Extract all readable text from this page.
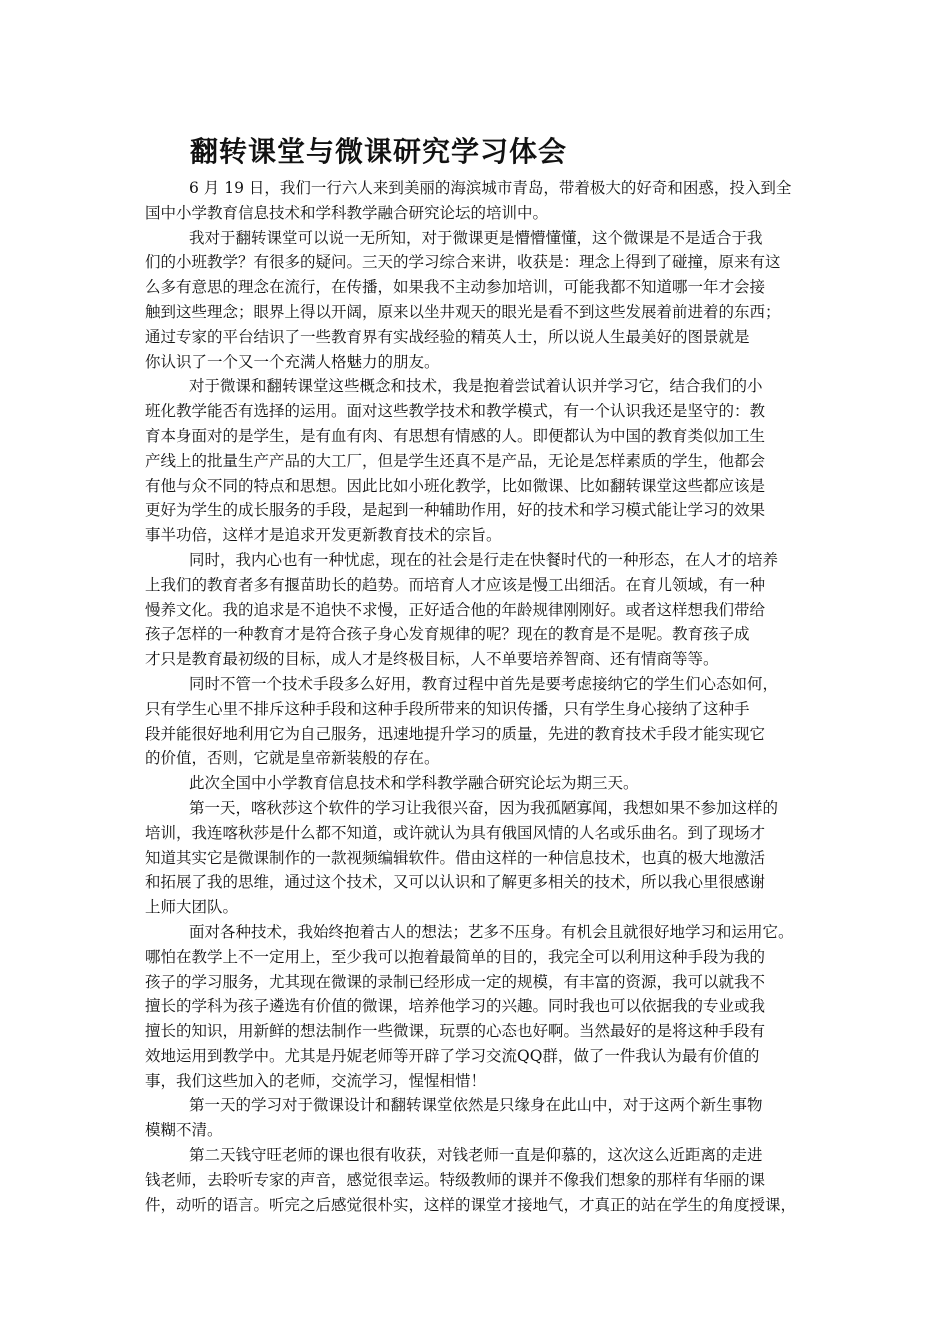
翻转课堂与微课研究学习体会
6 月 19 日，我们一行六人来到美丽的海滨城市青岛，带着极大的好奇和困惑，投入到全
国中小学教育信息技术和学科教学融合研究论坛的培训中。
我对于翻转课堂可以说一无所知，对于微课更是懵懵懂懂，这个微课是不是适合于我
们的小班教学？有很多的疑问。三天的学习综合来讲，收获是：理念上得到了碰撞，原来有这
么多有意思的理念在流行，在传播，如果我不主动参加培训，可能我都不知道哪一年才会接
触到这些理念；眼界上得以开阔，原来以坐井观天的眼光是看不到这些发展着前进着的东西；
通过专家的平台结识了一些教育界有实战经验的精英人士，所以说人生最美好的图景就是
你认识了一个又一个充满人格魅力的朋友。
对于微课和翻转课堂这些概念和技术，我是抱着尝试着认识并学习它，结合我们的小
班化教学能否有选择的运用。面对这些教学技术和教学模式，有一个认识我还是坚守的：教
育本身面对的是学生，是有血有肉、有思想有情感的人。即便都认为中国的教育类似加工生
产线上的批量生产产品的大工厂，但是学生还真不是产品，无论是怎样素质的学生，他都会
有他与众不同的特点和思想。因此比如小班化教学，比如微课、比如翻转课堂这些都应该是
更好为学生的成长服务的手段，是起到一种辅助作用，好的技术和学习模式能让学习的效果
事半功倍，这样才是追求开发更新教育技术的宗旨。
同时，我内心也有一种忧虑，现在的社会是行走在快餐时代的一种形态，在人才的培养
上我们的教育者多有揠苗助长的趋势。而培育人才应该是慢工出细活。在育儿领域，有一种
慢养文化。我的追求是不追快不求慢，正好适合他的年龄规律刚刚好。或者这样想我们带给
孩子怎样的一种教育才是符合孩子身心发育规律的呢？现在的教育是不是呢。教育孩子成
才只是教育最初级的目标，成人才是终极目标，人不单要培养智商、还有情商等等。
同时不管一个技术手段多么好用，教育过程中首先是要考虑接纳它的学生们心态如何，
只有学生心里不排斥这种手段和这种手段所带来的知识传播，只有学生身心接纳了这种手
段并能很好地利用它为自己服务，迅速地提升学习的质量，先进的教育技术手段才能实现它
的价值，否则，它就是皇帝新装般的存在。
此次全国中小学教育信息技术和学科教学融合研究论坛为期三天。
第一天，喀秋莎这个软件的学习让我很兴奋，因为我孤陋寡闻，我想如果不参加这样的
培训，我连喀秋莎是什么都不知道，或许就认为具有俄国风情的人名或乐曲名。到了现场才
知道其实它是微课制作的一款视频编辑软件。借由这样的一种信息技术，也真的极大地激活
和拓展了我的思维，通过这个技术，又可以认识和了解更多相关的技术，所以我心里很感谢
上师大团队。
面对各种技术，我始终抱着古人的想法；艺多不压身。有机会且就很好地学习和运用它。
哪怕在教学上不一定用上，至少我可以抱着最简单的目的，我完全可以利用这种手段为我的
孩子的学习服务，尤其现在微课的录制已经形成一定的规模，有丰富的资源，我可以就我不
擅长的学科为孩子遴选有价值的微课，培养他学习的兴趣。同时我也可以依据我的专业或我
擅长的知识，用新鲜的想法制作一些微课，玩票的心态也好啊。当然最好的是将这种手段有
效地运用到教学中。尤其是丹妮老师等开辟了学习交流QQ群，做了一件我认为最有价值的
事，我们这些加入的老师，交流学习，惺惺相惜！
第一天的学习对于微课设计和翻转课堂依然是只缘身在此山中，对于这两个新生事物
模糊不清。
第二天钱守旺老师的课也很有收获，对钱老师一直是仰慕的，这次这么近距离的走进
钱老师，去聆听专家的声音，感觉很幸运。特级教师的课并不像我们想象的那样有华丽的课
件，动听的语言。听完之后感觉很朴实，这样的课堂才接地气，才真正的站在学生的角度授课，
